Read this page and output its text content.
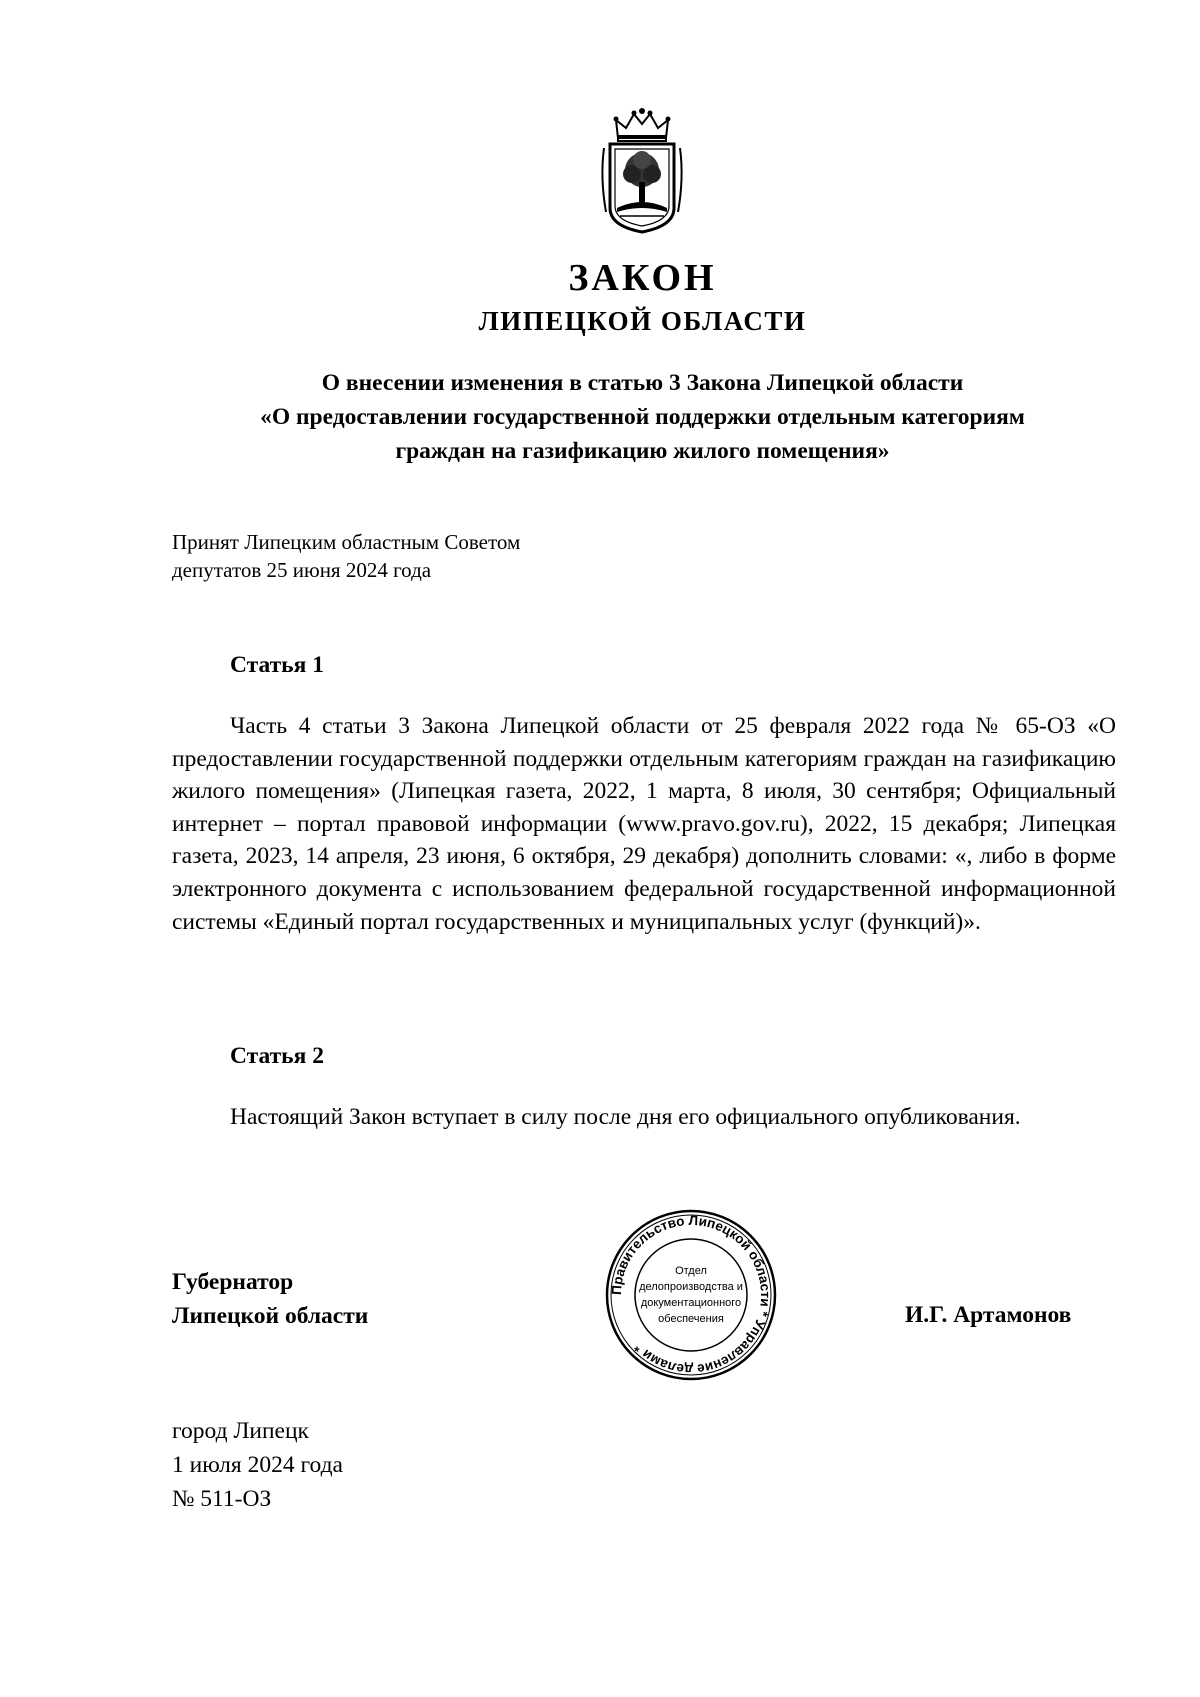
ЗАКОН
ЛИПЕЦКОЙ ОБЛАСТИ
О внесении изменения в статью 3 Закона Липецкой области
«О предоставлении государственной поддержки отдельным категориям
граждан на газификацию жилого помещения»
Принят Липецким областным Советом
депутатов 25 июня 2024 года
Статья 1
Часть 4 статьи 3 Закона Липецкой области от 25 февраля 2022 года № 65-ОЗ «О предоставлении государственной поддержки отдельным категориям граждан на газификацию жилого помещения» (Липецкая газета, 2022, 1 марта, 8 июля, 30 сентября; Официальный интернет – портал правовой информации (www.pravo.gov.ru), 2022, 15 декабря; Липецкая газета, 2023, 14 апреля, 23 июня, 6 октября, 29 декабря) дополнить словами: «, либо в форме электронного документа с использованием федеральной государственной информационной системы «Единый портал государственных и муниципальных услуг (функций)».
Статья 2
Настоящий Закон вступает в силу после дня его официального опубликования.
Губернатор
Липецкой области
Правительство Липецкой области * Управление делами *
Отдел
делопроизводства и
документационного
обеспечения	И.Г. Артамонов
город Липецк
1 июля 2024 года
№ 511-ОЗ
